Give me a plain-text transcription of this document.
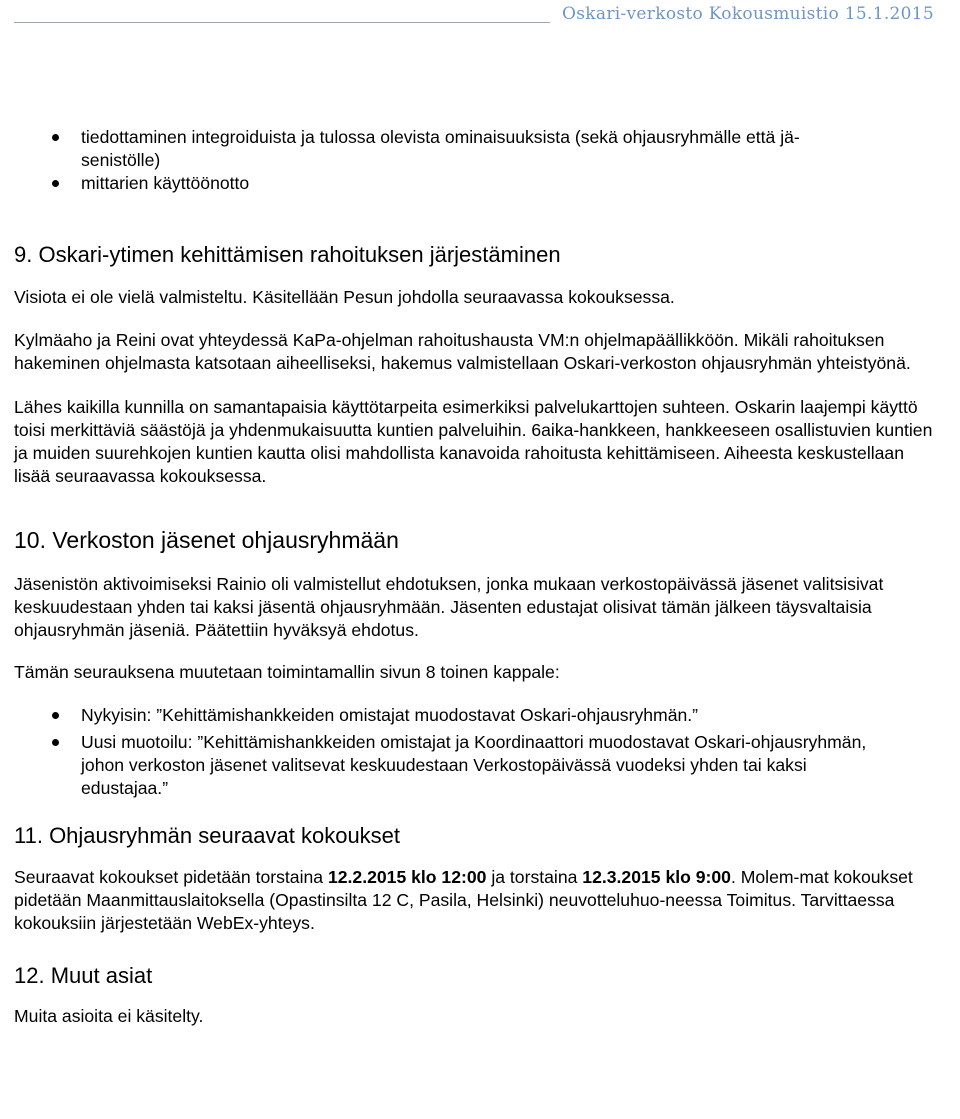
Oskari-verkosto Kokousmuistio 15.1.2015
tiedottaminen integroiduista ja tulossa olevista ominaisuuksista (sekä ohjausryhmälle että jä-senistölle)
mittarien käyttöönotto

9. Oskari-ytimen kehittämisen rahoituksen järjestäminen

Visiota ei ole vielä valmisteltu. Käsitellään Pesun johdolla seuraavassa kokouksessa.

Kylmäaho ja Reini ovat yhteydessä KaPa-ohjelman rahoitushausta VM:n ohjelmapäällikköön. Mikäli rahoituksen hakeminen ohjelmasta katsotaan aiheelliseksi, hakemus valmistellaan Oskari-verkoston ohjausryhmän yhteistyönä.

Lähes kaikilla kunnilla on samantapaisia käyttötarpeita esimerkiksi palvelukarttojen suhteen. Oskarin laajempi käyttö toisi merkittäviä säästöjä ja yhdenmukaisuutta kuntien palveluihin. 6aika-hankkeen, hankkeeseen osallistuvien kuntien ja muiden suurehkojen kuntien kautta olisi mahdollista kanavoida rahoitusta kehittämiseen. Aiheesta keskustellaan lisää seuraavassa kokouksessa.

10. Verkoston jäsenet ohjausryhmään

Jäsenistön aktivoimiseksi Rainio oli valmistellut ehdotuksen, jonka mukaan verkostopäivässä jäsenet valitsisivat keskuudestaan yhden tai kaksi jäsentä ohjausryhmään. Jäsenten edustajat olisivat tämän jälkeen täysvaltaisia ohjausryhmän jäseniä. Päätettiin hyväksyä ehdotus.

Tämän seurauksena muutetaan toimintamallin sivun 8 toinen kappale:

Nykyisin: ”Kehittämishankkeiden omistajat muodostavat Oskari-ohjausryhmän.”
Uusi muotoilu: ”Kehittämishankkeiden omistajat ja Koordinaattori muodostavat Oskari-ohjausryhmän, johon verkoston jäsenet valitsevat keskuudestaan Verkostopäivässä vuodeksi yhden tai kaksi edustajaa.”

11. Ohjausryhmän seuraavat kokoukset

Seuraavat kokoukset pidetään torstaina 12.2.2015 klo 12:00 ja torstaina 12.3.2015 klo 9:00. Molem-mat kokoukset pidetään Maanmittauslaitoksella (Opastinsilta 12 C, Pasila, Helsinki) neuvotteluhuo-neessa Toimitus. Tarvittaessa kokouksiin järjestetään WebEx-yhteys.

12. Muut asiat

Muita asioita ei käsitelty.
